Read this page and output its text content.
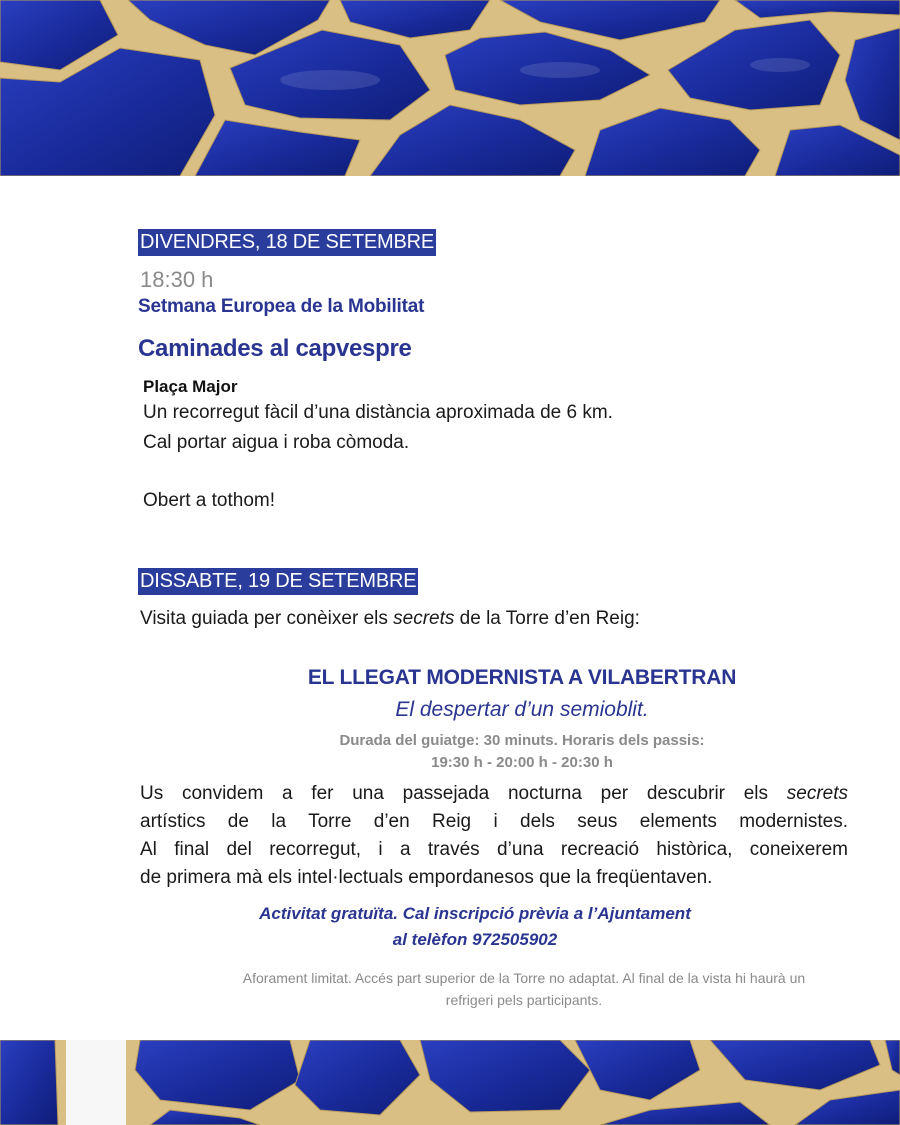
DIVENDRES, 18 DE SETEMBRE
18:30 h
Setmana Europea de la Mobilitat
Caminades al capvespre
Plaça Major
Un recorregut fàcil d’una distància aproximada de 6 km.
Cal portar aigua i roba còmoda.
Obert a tothom!
DISSABTE, 19 DE SETEMBRE
Visita guiada per conèixer els secrets de la Torre d’en Reig:
EL LLEGAT MODERNISTA A VILABERTRAN
El despertar d’un semioblit.
Durada del guiatge: 30 minuts. Horaris dels passis:
19:30 h - 20:00 h - 20:30 h

Us convidem a fer una passejada nocturna per descubrir els secrets

artístics de la Torre d’en Reig i dels seus elements modernistes.

Al final del recorregut, i a través d’una recreació històrica, coneixerem

de primera mà els intel·lectuals empordanesos que la freqüentaven.

Activitat gratuïta. Cal inscripció prèvia a l’Ajuntament
al telèfon 972505902
Aforament limitat. Accés part superior de la Torre no adaptat. Al final de la vista hi haurà un
refrigeri pels participants.
